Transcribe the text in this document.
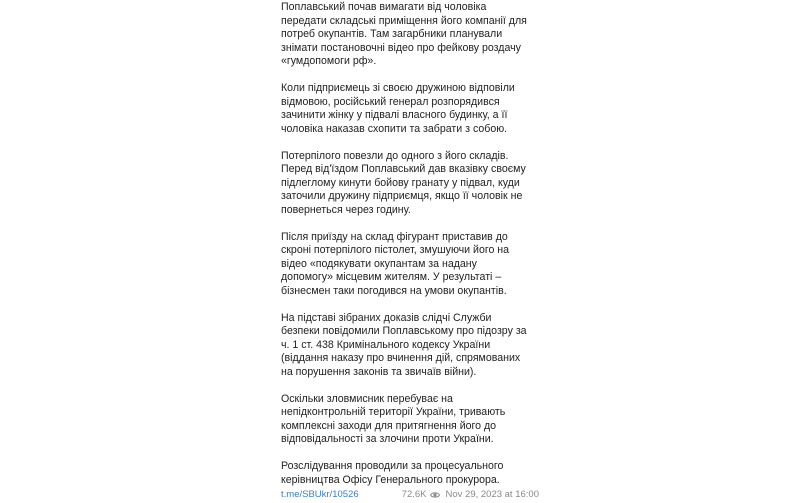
Поплавський почав вимагати від чоловіка передати складські приміщення його компанії для потреб окупантів. Там загарбники планували знімати постановочні відео про фейкову роздачу «гумдопомоги рф».

Коли підприємець зі своєю дружиною відповіли відмовою, російський генерал розпорядився зачинити жінку у підвалі власного будинку, а її чоловіка наказав схопити та забрати з собою.

Потерпілого повезли до одного з його складів. Перед від'їздом Поплавський дав вказівку своєму підлеглому кинути бойову гранату у підвал, куди заточили дружину підприємця, якщо її чоловік не повернеться через годину.

Після приїзду на склад фігурант приставив до скроні потерпілого пістолет, змушуючи його на відео «подякувати окупантам за надану допомогу» місцевим жителям. У результаті – бізнесмен таки погодився на умови окупантів.

На підставі зібраних доказів слідчі Служби безпеки повідомили Поплавському про підозру за ч. 1 ст. 438 Кримінального кодексу України (віддання наказу про вчинення дій, спрямованих на порушення законів та звичаїв війни).

Оскільки зловмисник перебуває на непідконтрольній території України, тривають комплексні заходи для притягнення його до відповідальності за злочини проти України.

Розслідування проводили за процесуального керівництва Офісу Генерального прокурора.

t.me/SBUkr/10526	72.6K Nov 29, 2023 at 16:00
